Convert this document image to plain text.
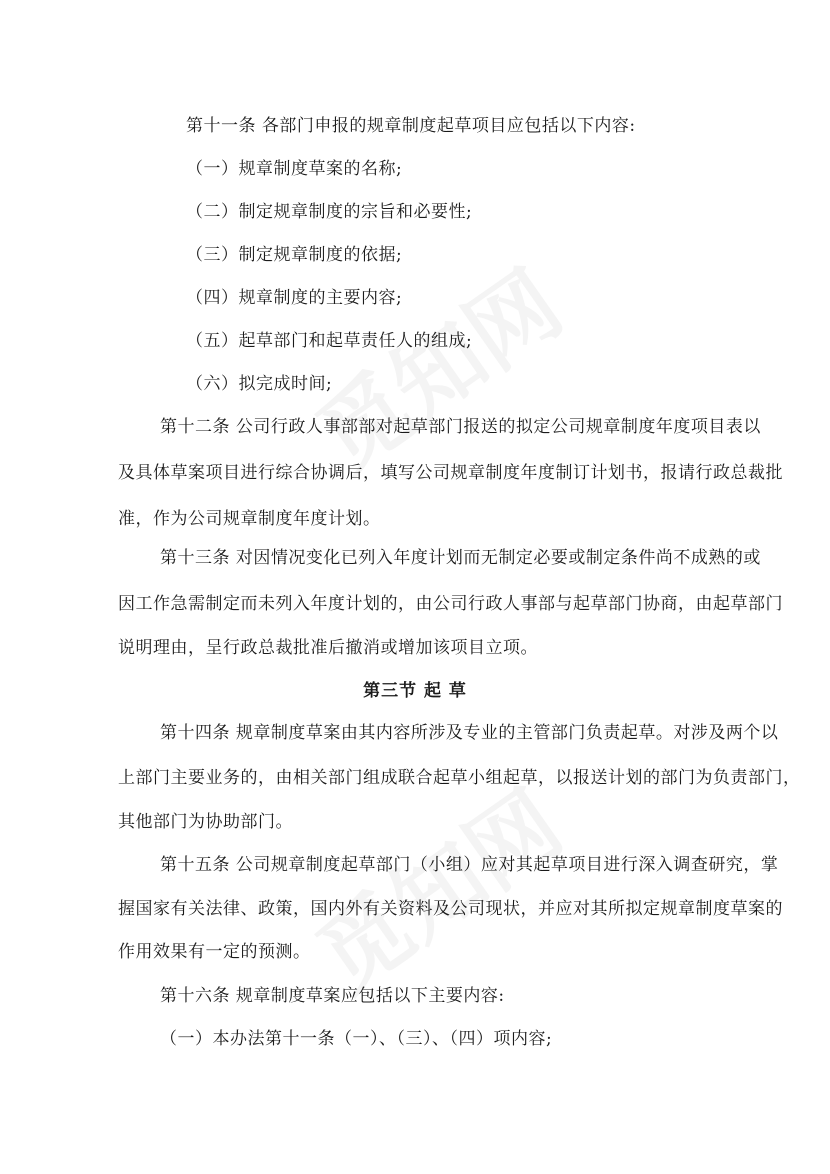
第十一条 各部门申报的规章制度起草项目应包括以下内容:
（一）规章制度草案的名称;
（二）制定规章制度的宗旨和必要性;
（三）制定规章制度的依据;
（四）规章制度的主要内容;
（五）起草部门和起草责任人的组成;
（六）拟完成时间;
第十二条 公司行政人事部部对起草部门报送的拟定公司规章制度年度项目表以
及具体草案项目进行综合协调后，填写公司规章制度年度制订计划书，报请行政总裁批
准，作为公司规章制度年度计划。
第十三条 对因情况变化已列入年度计划而无制定必要或制定条件尚不成熟的或
因工作急需制定而未列入年度计划的，由公司行政人事部与起草部门协商，由起草部门
说明理由，呈行政总裁批准后撤消或增加该项目立项。
第三节 起 草
第十四条 规章制度草案由其内容所涉及专业的主管部门负责起草。对涉及两个以
上部门主要业务的，由相关部门组成联合起草小组起草，以报送计划的部门为负责部门，
其他部门为协助部门。
第十五条 公司规章制度起草部门（小组）应对其起草项目进行深入调查研究，掌
握国家有关法律、政策，国内外有关资料及公司现状，并应对其所拟定规章制度草案的
作用效果有一定的预测。
第十六条 规章制度草案应包括以下主要内容:
（一）本办法第十一条（一）、（三）、（四）项内容;
